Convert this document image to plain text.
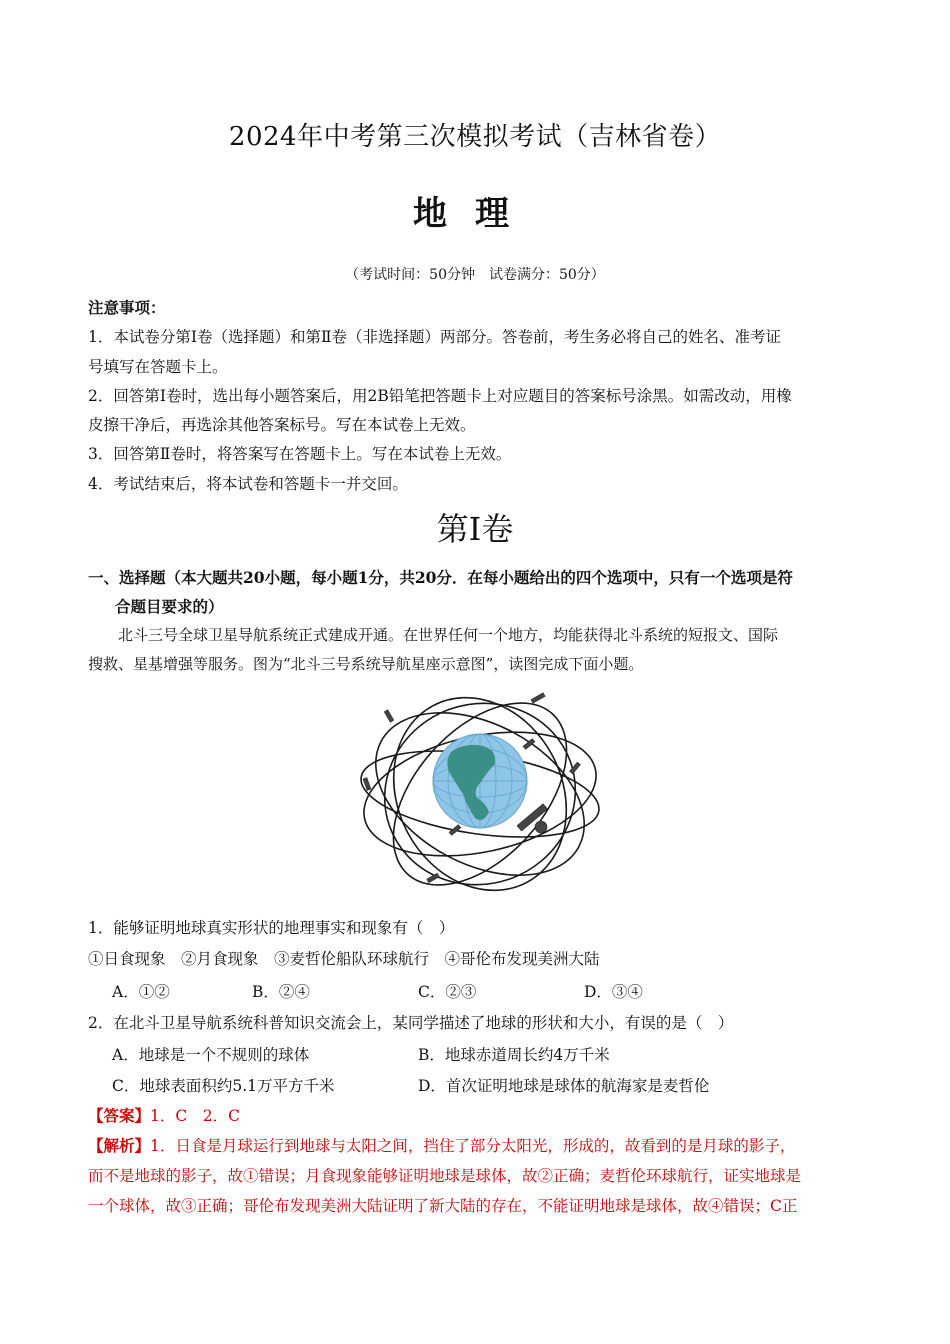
2024年中考第三次模拟考试（吉林省卷）
地理
（考试时间：50分钟　试卷满分：50分）
注意事项：
1．本试卷分第Ⅰ卷（选择题）和第Ⅱ卷（非选择题）两部分。答卷前，考生务必将自己的姓名、准考证
号填写在答题卡上。
2．回答第Ⅰ卷时，选出每小题答案后，用2B铅笔把答题卡上对应题目的答案标号涂黑。如需改动，用橡
皮擦干净后，再选涂其他答案标号。写在本试卷上无效。
3．回答第Ⅱ卷时，将答案写在答题卡上。写在本试卷上无效。
4．考试结束后，将本试卷和答题卡一并交回。
第Ⅰ卷
一、选择题（本大题共20小题，每小题1分，共20分．在每小题给出的四个选项中，只有一个选项是符
合题目要求的）
北斗三号全球卫星导航系统正式建成开通。在世界任何一个地方，均能获得北斗系统的短报文、国际
搜救、星基增强等服务。图为“北斗三号系统导航星座示意图”，读图完成下面小题。
1．能够证明地球真实形状的地理事实和现象有（　）
①日食现象　②月食现象　③麦哲伦船队环球航行　④哥伦布发现美洲大陆
A．①②	B．②④	C．②③	D．③④
2．在北斗卫星导航系统科普知识交流会上，某同学描述了地球的形状和大小，有误的是（　）
A．地球是一个不规则的球体	B．地球赤道周长约4万千米
C．地球表面积约5.1万平方千米	D．首次证明地球是球体的航海家是麦哲伦
【答案】1．C　2．C
【解析】1．日食是月球运行到地球与太阳之间，挡住了部分太阳光，形成的，故看到的是月球的影子，
而不是地球的影子，故①错误；月食现象能够证明地球是球体，故②正确；麦哲伦环球航行，证实地球是
一个球体，故③正确；哥伦布发现美洲大陆证明了新大陆的存在，不能证明地球是球体，故④错误；C正
